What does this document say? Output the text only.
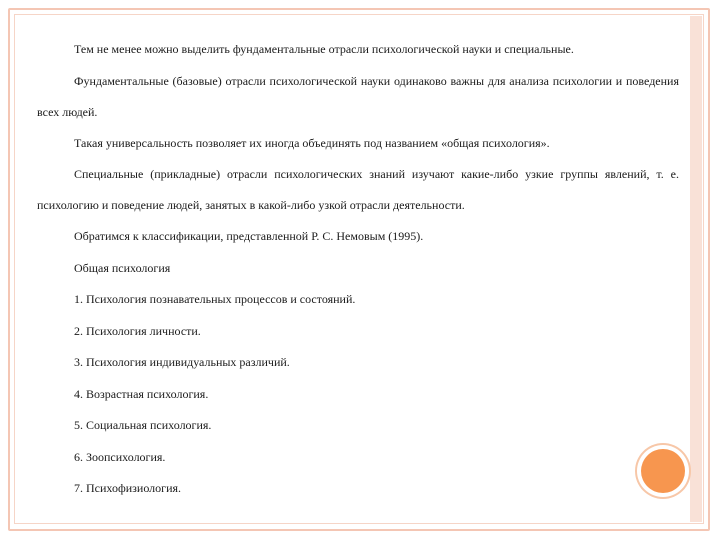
Тем не менее можно выделить фундаментальные отрасли психологической науки и специальные.

Фундаментальные (базовые) отрасли психологической науки одинаково важны для анализа психологии и поведения всех людей.

Такая универсальность позволяет их иногда объединять под названием «общая психология».

Специальные (прикладные) отрасли психологических знаний изучают какие-либо узкие группы явлений, т. е. психологию и поведение людей, занятых в какой-либо узкой отрасли деятельности.

Обратимся к классификации, представленной Р. С. Немовым (1995).

Общая психология

1. Психология познавательных процессов и состояний.

2. Психология личности.

3. Психология индивидуальных различий.

4. Возрастная психология.

5. Социальная психология.

6. Зоопсихология.

7. Психофизиология.
